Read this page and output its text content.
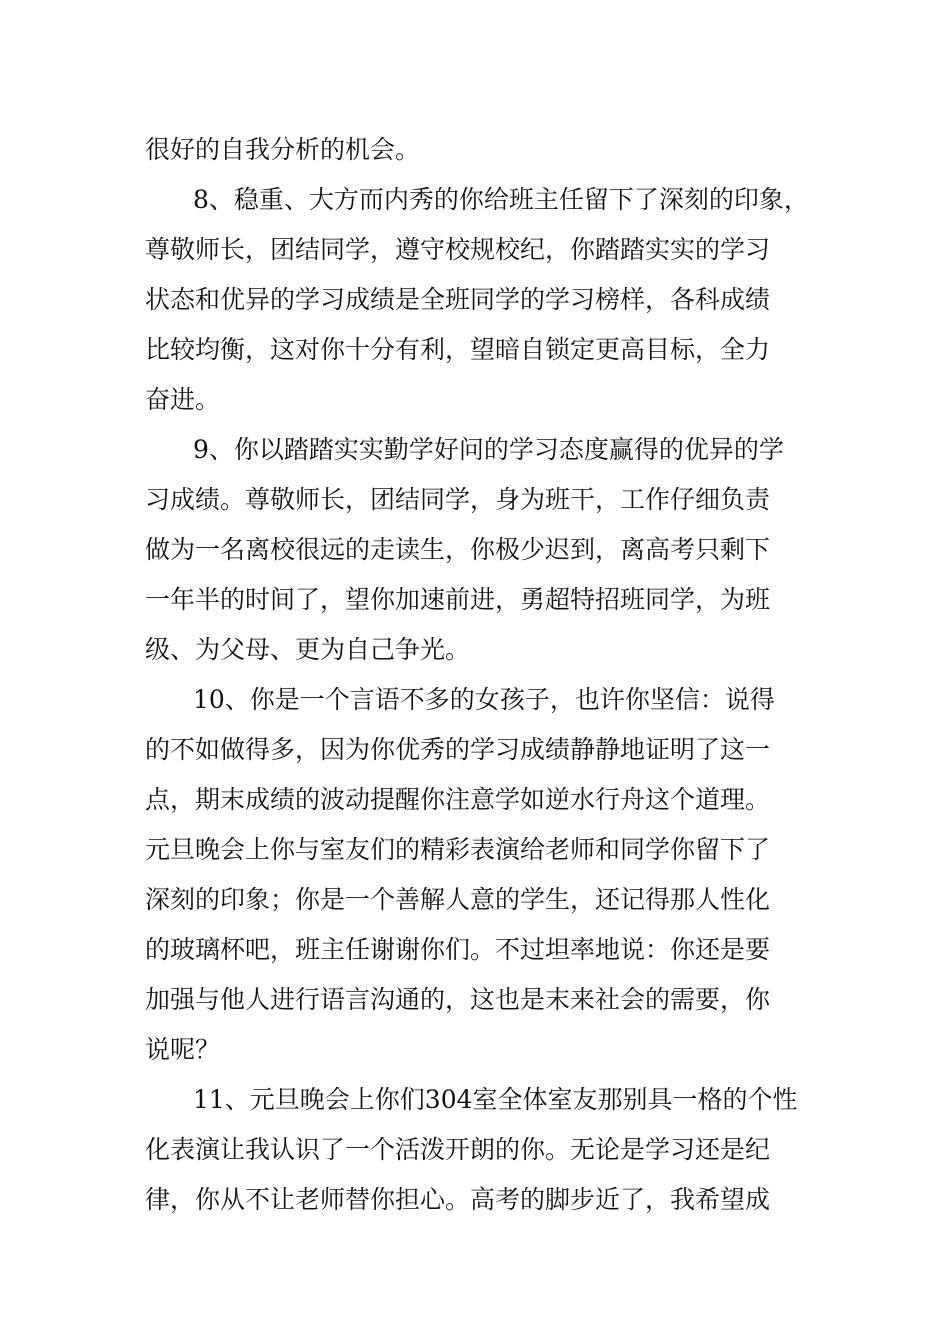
很好的自我分析的机会。
8、稳重、大方而内秀的你给班主任留下了深刻的印象，
尊敬师长，团结同学，遵守校规校纪，你踏踏实实的学习
状态和优异的学习成绩是全班同学的学习榜样，各科成绩
比较均衡，这对你十分有利，望暗自锁定更高目标，全力
奋进。
9、你以踏踏实实勤学好问的学习态度赢得的优异的学
习成绩。尊敬师长，团结同学，身为班干，工作仔细负责
做为一名离校很远的走读生，你极少迟到，离高考只剩下
一年半的时间了，望你加速前进，勇超特招班同学，为班
级、为父母、更为自己争光。
10、你是一个言语不多的女孩子，也许你坚信：说得
的不如做得多，因为你优秀的学习成绩静静地证明了这一
点，期末成绩的波动提醒你注意学如逆水行舟这个道理。
元旦晚会上你与室友们的精彩表演给老师和同学你留下了
深刻的印象；你是一个善解人意的学生，还记得那人性化
的玻璃杯吧，班主任谢谢你们。不过坦率地说：你还是要
加强与他人进行语言沟通的，这也是末来社会的需要，你
说呢？
11、元旦晚会上你们304室全体室友那别具一格的个性
化表演让我认识了一个活泼开朗的你。无论是学习还是纪
律，你从不让老师替你担心。高考的脚步近了，我希望成
